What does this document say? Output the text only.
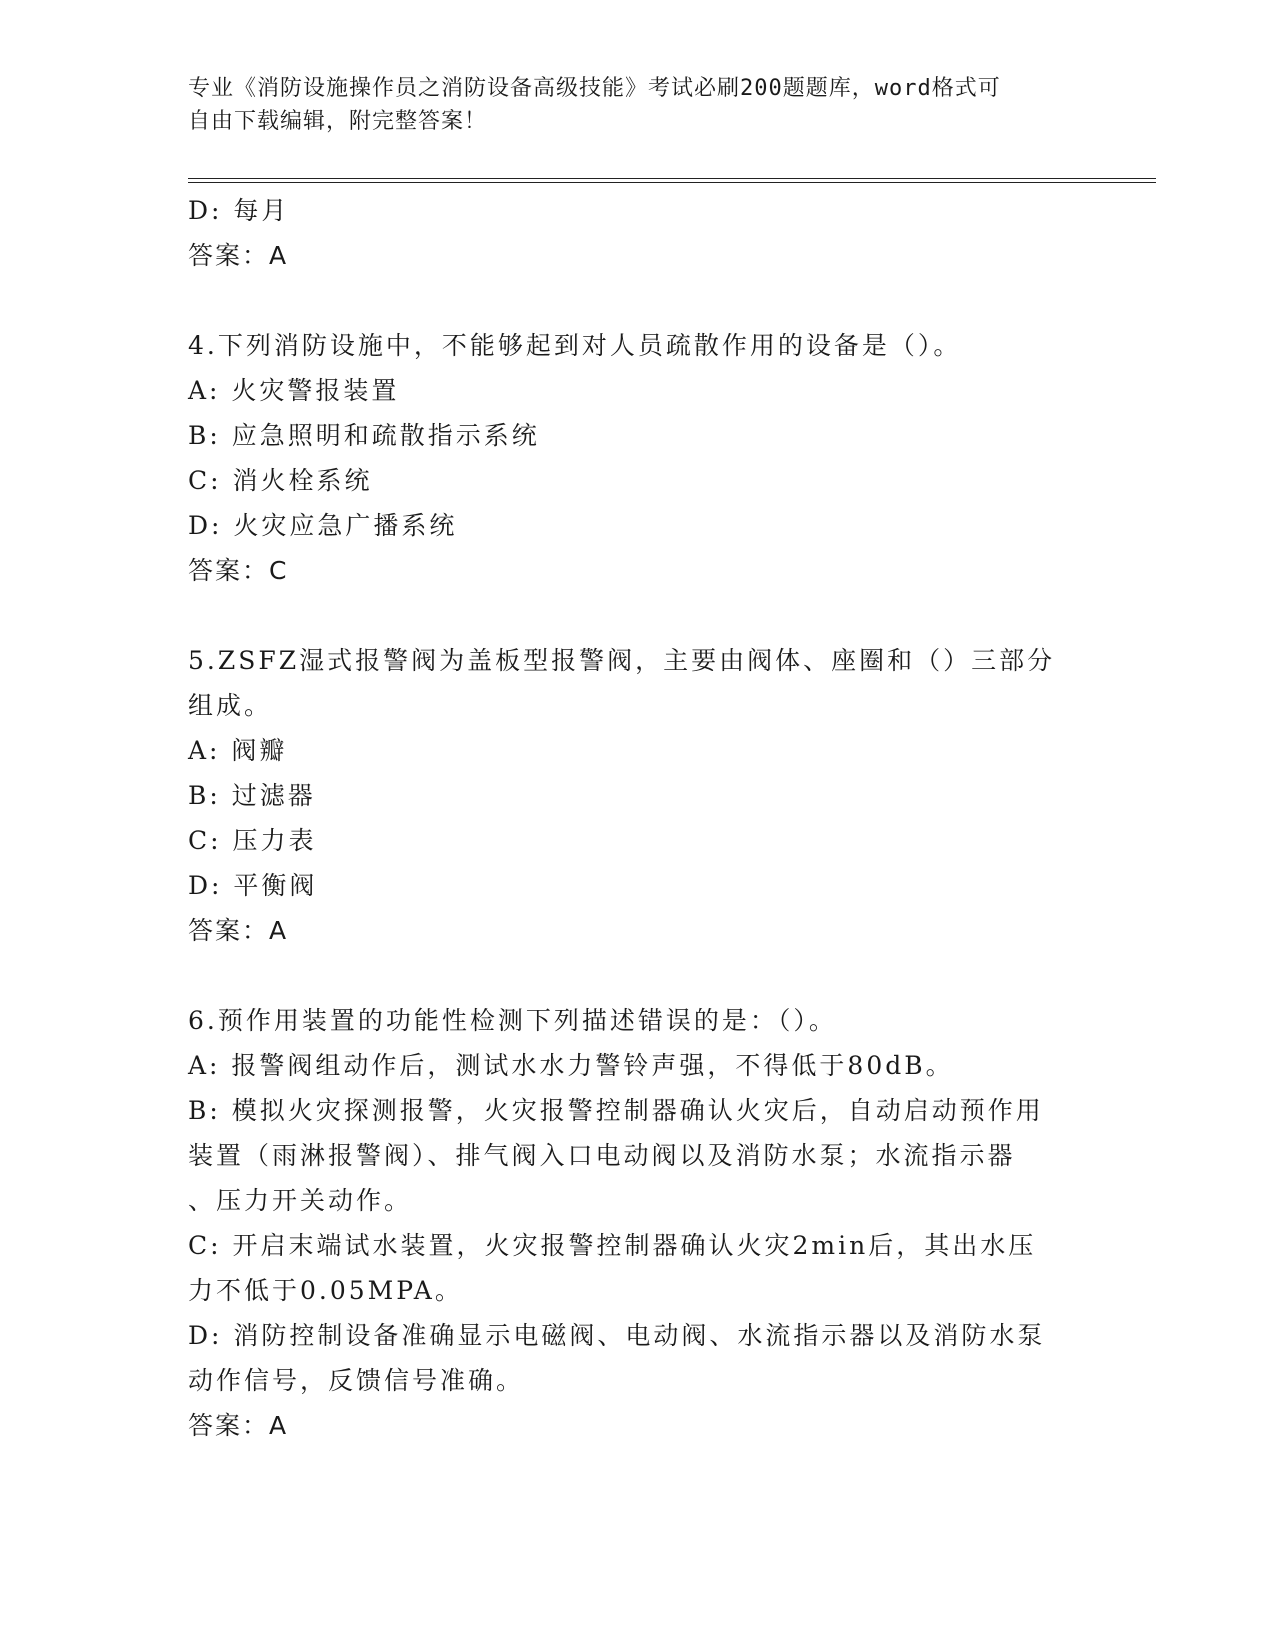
专业《消防设施操作员之消防设备高级技能》考试必刷200题题库，word格式可
自由下载编辑，附完整答案！
D: 每月
答案：A
4.下列消防设施中，不能够起到对人员疏散作用的设备是（）。
A: 火灾警报装置
B: 应急照明和疏散指示系统
C: 消火栓系统
D: 火灾应急广播系统
答案：C
5.ZSFZ湿式报警阀为盖板型报警阀，主要由阀体、座圈和（）三部分
组成。
A: 阀瓣
B: 过滤器
C: 压力表
D: 平衡阀
答案：A
6.预作用装置的功能性检测下列描述错误的是：（）。
A: 报警阀组动作后，测试水水力警铃声强，不得低于80dB。
B: 模拟火灾探测报警，火灾报警控制器确认火灾后，自动启动预作用
装置（雨淋报警阀）、排气阀入口电动阀以及消防水泵；水流指示器
、压力开关动作。
C: 开启末端试水装置，火灾报警控制器确认火灾2min后，其出水压
力不低于0.05MPA。
D: 消防控制设备准确显示电磁阀、电动阀、水流指示器以及消防水泵
动作信号，反馈信号准确。
答案：A
